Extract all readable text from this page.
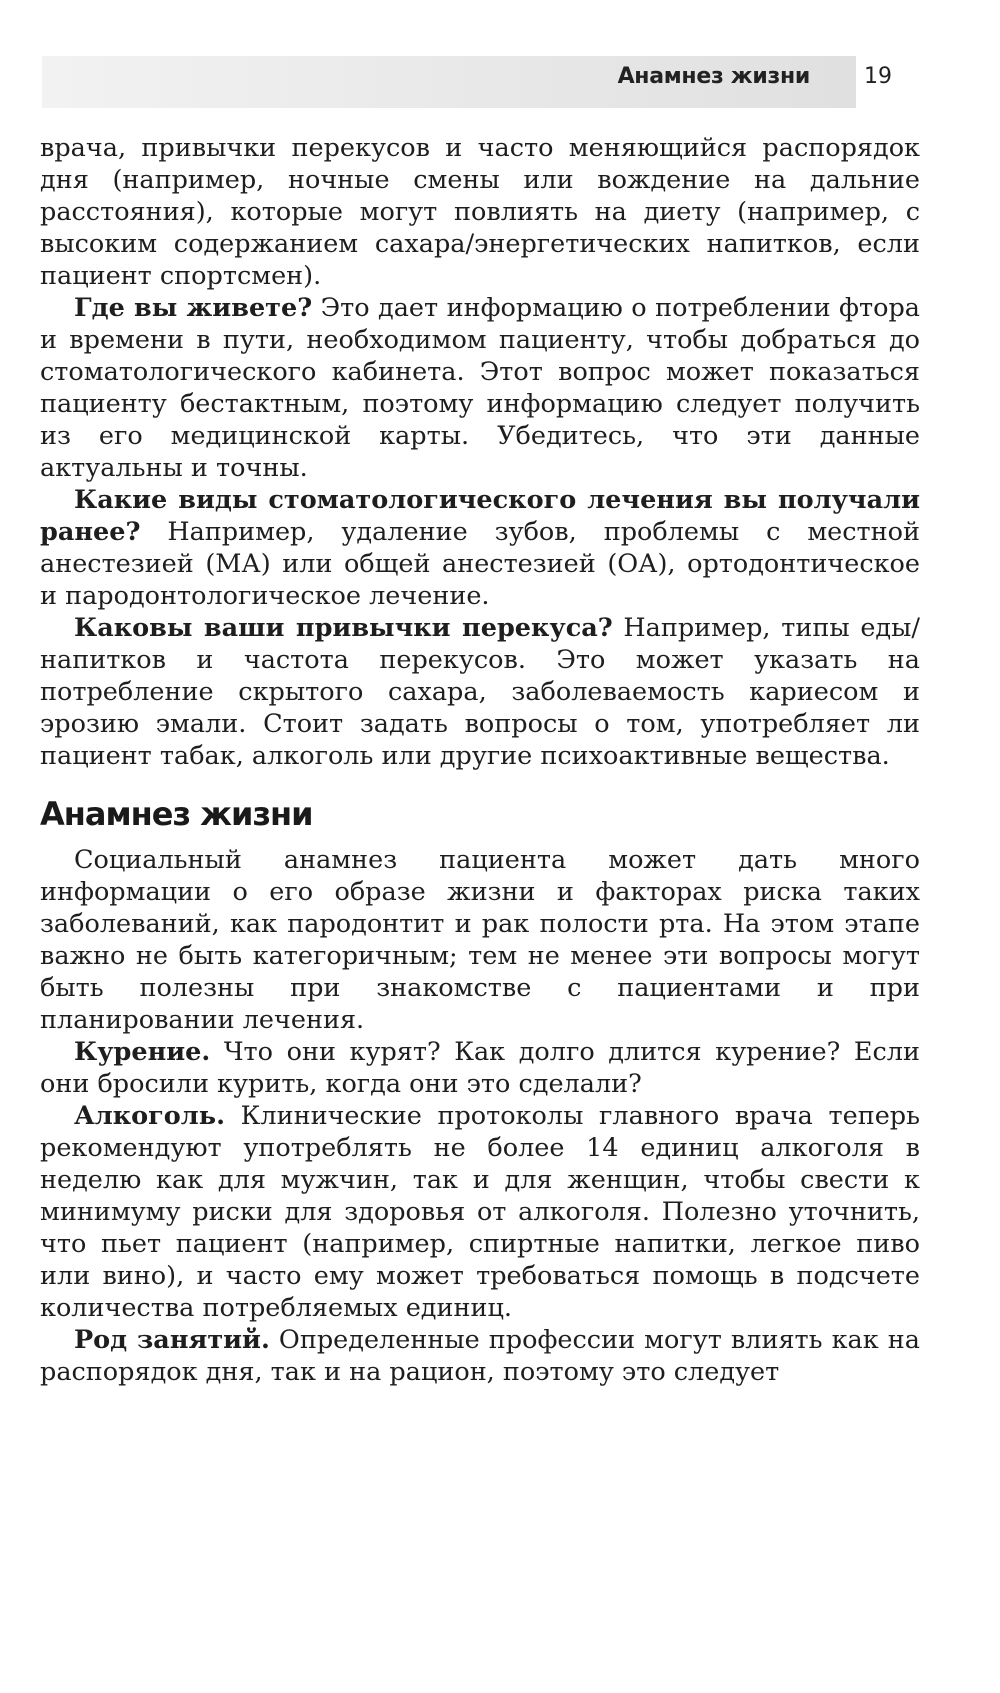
Анамнез жизни 19

врача, привычки перекусов и часто меняющийся распорядок дня (например, ночные смены или вождение на дальние расстояния), которые могут повлиять на диету (например, с высоким содержанием сахара/энергетических напитков, если пациент спортсмен).

Где вы живете? Это дает информацию о потреблении фтора и времени в пути, необходимом пациенту, чтобы добраться до стоматологического кабинета. Этот вопрос может показаться пациенту бестактным, поэтому информацию следует получить из его медицинской карты. Убедитесь, что эти данные актуальны и точны.

Какие виды стоматологического лечения вы получали ранее? Например, удаление зубов, проблемы с местной анестезией (МА) или общей анестезией (ОА), ортодонтическое и пародонтологическое лечение.

Каковы ваши привычки перекуса? Например, типы еды/напитков и частота перекусов. Это может указать на потребление скрытого сахара, заболеваемость кариесом и эрозию эмали. Стоит задать вопросы о том, употребляет ли пациент табак, алкоголь или другие психоактивные вещества.

Анамнез жизни

Социальный анамнез пациента может дать много информации о его образе жизни и факторах риска таких заболеваний, как пародонтит и рак полости рта. На этом этапе важно не быть категоричным; тем не менее эти вопросы могут быть полезны при знакомстве с пациентами и при планировании лечения.

Курение. Что они курят? Как долго длится курение? Если они бросили курить, когда они это сделали?

Алкоголь. Клинические протоколы главного врача теперь рекомендуют употреблять не более 14 единиц алкоголя в неделю как для мужчин, так и для женщин, чтобы свести к минимуму риски для здоровья от алкоголя. Полезно уточнить, что пьет пациент (например, спиртные напитки, легкое пиво или вино), и часто ему может требоваться помощь в подсчете количества потребляемых единиц.

Род занятий. Определенные профессии могут влиять как на распорядок дня, так и на рацион, поэтому это следует
